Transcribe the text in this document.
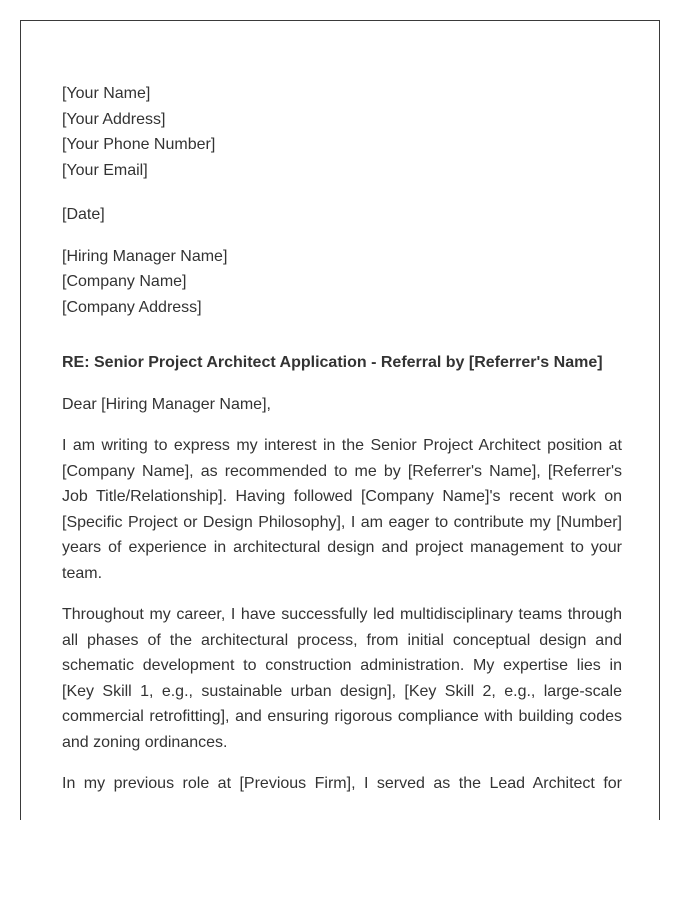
[Your Name]
[Your Address]
[Your Phone Number]
[Your Email]
[Date]
[Hiring Manager Name]
[Company Name]
[Company Address]
RE: Senior Project Architect Application - Referral by [Referrer's Name]
Dear [Hiring Manager Name],

I am writing to express my interest in the Senior Project Architect position at [Company Name], as recommended to me by [Referrer's Name], [Referrer's Job Title/Relationship]. Having followed [Company Name]'s recent work on [Specific Project or Design Philosophy], I am eager to contribute my [Number] years of experience in architectural design and project management to your team.

Throughout my career, I have successfully led multidisciplinary teams through all phases of the architectural process, from initial conceptual design and schematic development to construction administration. My expertise lies in [Key Skill 1, e.g., sustainable urban design], [Key Skill 2, e.g., large-scale commercial retrofitting], and ensuring rigorous compliance with building codes and zoning ordinances.

In my previous role at [Previous Firm], I served as the Lead Architect for
